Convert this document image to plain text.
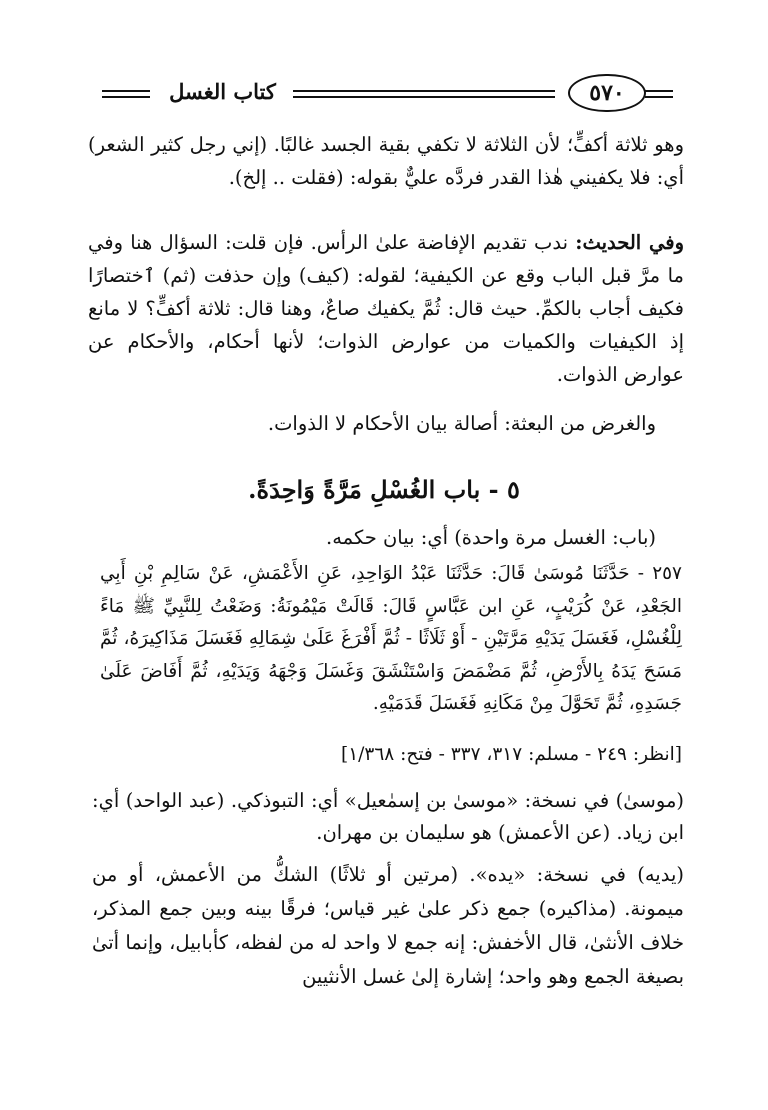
كتاب الغسل	٥٧٠
وهو ثلاثة أكفٍّ؛ لأن الثلاثة لا تكفي بقية الجسد غالبًا. (إني رجل كثير الشعر) أي: فلا يكفيني هٰذا القدر فردَّه عليٌّ بقوله: (فقلت .. إلخ).
وفي الحديث: ندب تقديم الإفاضة علىٰ الرأس. فإن قلت: السؤال هنا وفي ما مرَّ قبل الباب وقع عن الكيفية؛ لقوله: (كيف) وإن حذفت (ثم) ٱختصارًا فكيف أجاب بالكمِّ. حيث قال: ثُمَّ يكفيك صاعٌ، وهنا قال: ثلاثة أكفٍّ؟ لا مانع إذ الكيفيات والكميات من عوارض الذوات؛ لأنها أحكام، والأحكام عن عوارض الذوات.
والغرض من البعثة: أصالة بيان الأحكام لا الذوات.
٥ - باب الغُسْلِ مَرَّةً وَاحِدَةً.
(باب: الغسل مرة واحدة) أي: بيان حكمه.
٢٥٧ - حَدَّثَنَا مُوسَىٰ قَالَ: حَدَّثَنَا عَبْدُ الوَاحِدِ، عَنِ الأَعْمَشِ، عَنْ سَالِمِ بْنِ أَبِي الجَعْدِ، عَنْ كُرَيْبٍ، عَنِ ابن عَبَّاسٍ قَالَ: قَالَتْ مَيْمُونَةُ: وَضَعْتُ لِلنَّبِيِّ ﷺ مَاءً لِلْغُسْلِ، فَغَسَلَ يَدَيْهِ مَرَّتَيْنِ - أَوْ ثَلَاثًا - ثُمَّ أَفْرَغَ عَلَىٰ شِمَالِهِ فَغَسَلَ مَذَاكِيرَهُ، ثُمَّ مَسَحَ يَدَهُ بِالأَرْضِ، ثُمَّ مَضْمَضَ وَاسْتَنْشَقَ وَغَسَلَ وَجْهَهُ وَيَدَيْهِ، ثُمَّ أَفَاضَ عَلَىٰ جَسَدِهِ، ثُمَّ تَحَوَّلَ مِنْ مَكَانِهِ فَغَسَلَ قَدَمَيْهِ.
[انظر: ٢٤٩ - مسلم: ٣١٧، ٣٣٧ - فتح: ١/٣٦٨]
(موسىٰ) في نسخة: «موسىٰ بن إسمٰعيل» أي: التبوذكي. (عبد الواحد) أي: ابن زياد. (عن الأعمش) هو سليمان بن مهران.
(يديه) في نسخة: «يده». (مرتين أو ثلاثًا) الشكُّ من الأعمش، أو من ميمونة. (مذاكيره) جمع ذكر علىٰ غير قياس؛ فرقًا بينه وبين جمع المذكر، خلاف الأنثىٰ، قال الأخفش: إنه جمع لا واحد له من لفظه، كأبابيل، وإنما أتىٰ بصيغة الجمع وهو واحد؛ إشارة إلىٰ غسل الأنثيين
